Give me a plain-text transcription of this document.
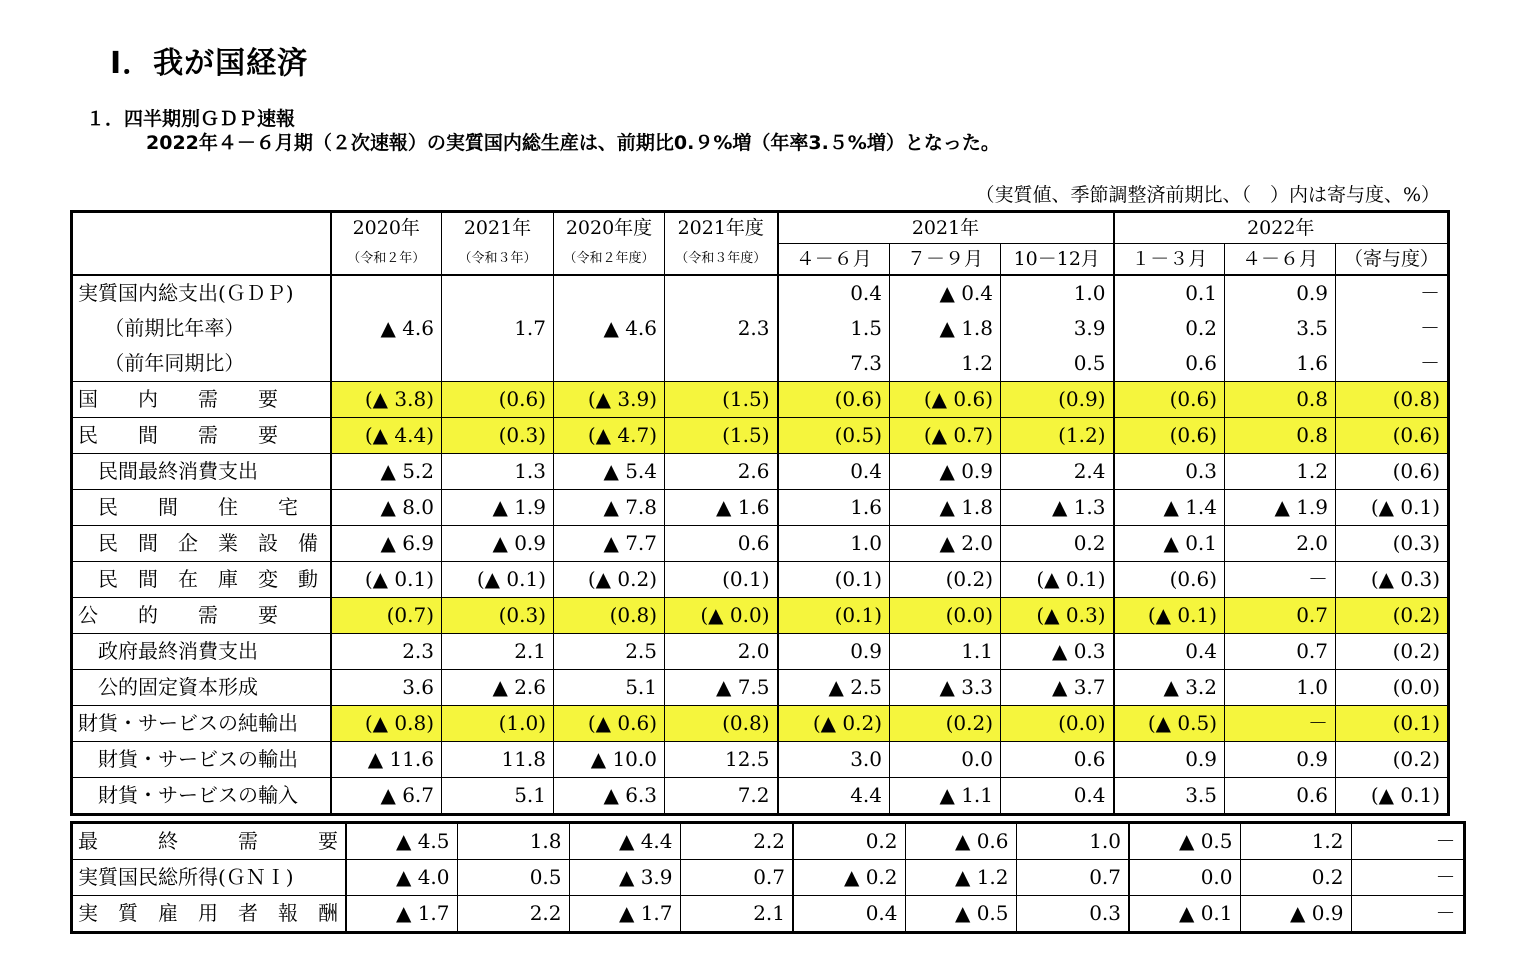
Ⅰ．我が国経済
１．四半期別ＧＤＰ速報
2022年４－６月期（２次速報）の実質国内総生産は、前期比0.９%増（年率3.５%増）となった。
（実質値、季節調整済前期比、（　）内は寄与度、%）
	2020年	2021年	2020年度	2021年度	2021年			2022年		
	（令和２年）	（令和３年）	（令和２年度）	（令和３年度）	４－６月	７－９月	10－12月	１－３月	４－６月	（寄与度）
実質国内総支出(ＧＤＰ)					0.4	▲ 0.4	1.0	0.1	0.9	－
　 （前期比年率）	▲ 4.6	1.7	▲ 4.6	2.3	1.5	▲ 1.8	3.9	0.2	3.5	－
　 （前年同期比）					7.3	1.2	0.5	0.6	1.6	－
国　　内　　需　　要	(▲ 3.8)	(0.6)	(▲ 3.9)	(1.5)	(0.6)	(▲ 0.6)	(0.9)	(0.6)	0.8	(0.8)
民　　間　　需　　要	(▲ 4.4)	(0.3)	(▲ 4.7)	(1.5)	(0.5)	(▲ 0.7)	(1.2)	(0.6)	0.8	(0.6)
　民間最終消費支出	▲ 5.2	1.3	▲ 5.4	2.6	0.4	▲ 0.9	2.4	0.3	1.2	(0.6)
　民　　間　　住　　宅	▲ 8.0	▲ 1.9	▲ 7.8	▲ 1.6	1.6	▲ 1.8	▲ 1.3	▲ 1.4	▲ 1.9	(▲ 0.1)
　民　間　企　業　設　備	▲ 6.9	▲ 0.9	▲ 7.7	0.6	1.0	▲ 2.0	0.2	▲ 0.1	2.0	(0.3)
　民　間　在　庫　変　動	(▲ 0.1)	(▲ 0.1)	(▲ 0.2)	(0.1)	(0.1)	(0.2)	(▲ 0.1)	(0.6)	－	(▲ 0.3)
公　　的　　需　　要	(0.7)	(0.3)	(0.8)	(▲ 0.0)	(0.1)	(0.0)	(▲ 0.3)	(▲ 0.1)	0.7	(0.2)
　政府最終消費支出	2.3	2.1	2.5	2.0	0.9	1.1	▲ 0.3	0.4	0.7	(0.2)
　公的固定資本形成	3.6	▲ 2.6	5.1	▲ 7.5	▲ 2.5	▲ 3.3	▲ 3.7	▲ 3.2	1.0	(0.0)
財貨・サービスの純輸出	(▲ 0.8)	(1.0)	(▲ 0.6)	(0.8)	(▲ 0.2)	(0.2)	(0.0)	(▲ 0.5)	－	(0.1)
　財貨・サービスの輸出	▲ 11.6	11.8	▲ 10.0	12.5	3.0	0.0	0.6	0.9	0.9	(0.2)
　財貨・サービスの輸入	▲ 6.7	5.1	▲ 6.3	7.2	4.4	▲ 1.1	0.4	3.5	0.6	(▲ 0.1)
最　　　終　　　需　　　要	▲ 4.5	1.8	▲ 4.4	2.2	0.2	▲ 0.6	1.0	▲ 0.5	1.2	－
実質国民総所得(ＧＮＩ)	▲ 4.0	0.5	▲ 3.9	0.7	▲ 0.2	▲ 1.2	0.7	0.0	0.2	－
実　質　雇　用　者　報　酬	▲ 1.7	2.2	▲ 1.7	2.1	0.4	▲ 0.5	0.3	▲ 0.1	▲ 0.9	－
